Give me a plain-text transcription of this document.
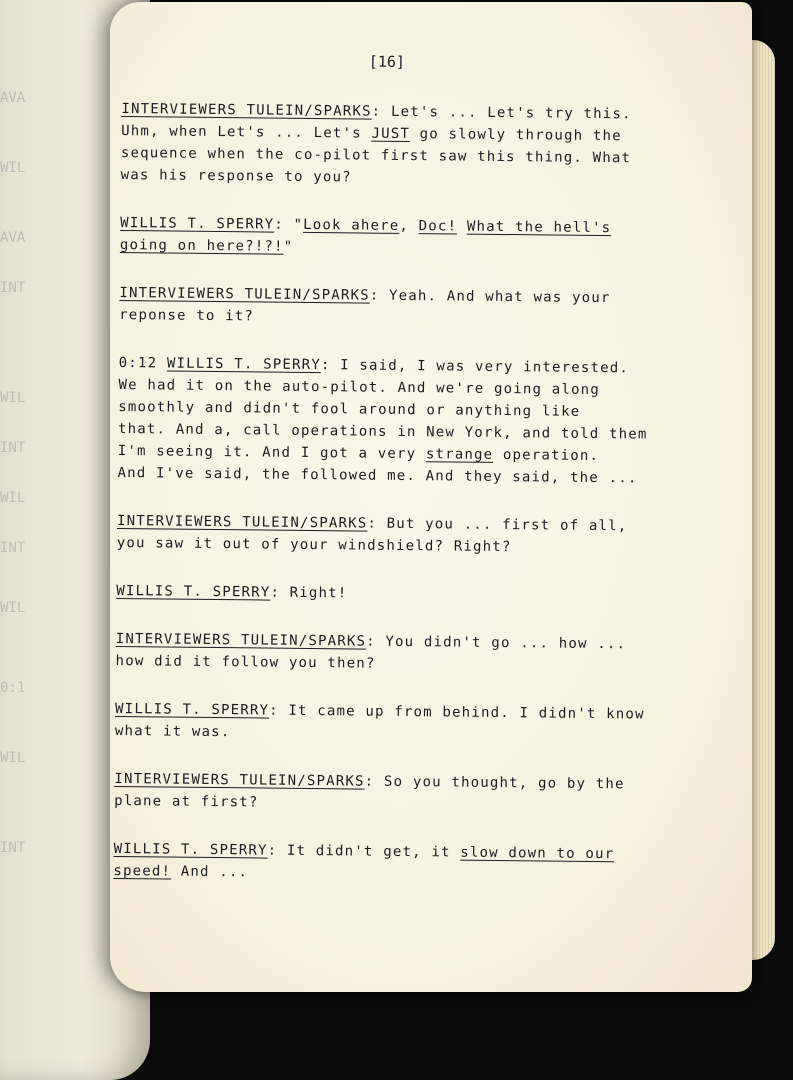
AVA
WIL
AVA
INT
WIL
INT
WIL
INT
WIL
0:1
WIL
INT
[16]
INTERVIEWERS TULEIN/SPARKS: Let's ... Let's try this.
Uhm, when Let's ... Let's JUST go slowly through the
sequence when the co-pilot first saw this thing. What
was his response to you?
WILLIS T. SPERRY: "Look ahere, Doc! What the hell's
going on here?!?!"
INTERVIEWERS TULEIN/SPARKS: Yeah. And what was your
reponse to it?
0:12 WILLIS T. SPERRY: I said, I was very interested.
We had it on the auto-pilot. And we're going along
smoothly and didn't fool around or anything like
that. And a, call operations in New York, and told them
I'm seeing it. And I got a very strange operation.
And I've said, the followed me. And they said, the ...
INTERVIEWERS TULEIN/SPARKS: But you ... first of all,
you saw it out of your windshield? Right?
WILLIS T. SPERRY: Right!
INTERVIEWERS TULEIN/SPARKS: You didn't go ... how ...
how did it follow you then?
WILLIS T. SPERRY: It came up from behind. I didn't know
what it was.
INTERVIEWERS TULEIN/SPARKS: So you thought, go by the
plane at first?
WILLIS T. SPERRY: It didn't get, it slow down to our
speed! And ...
